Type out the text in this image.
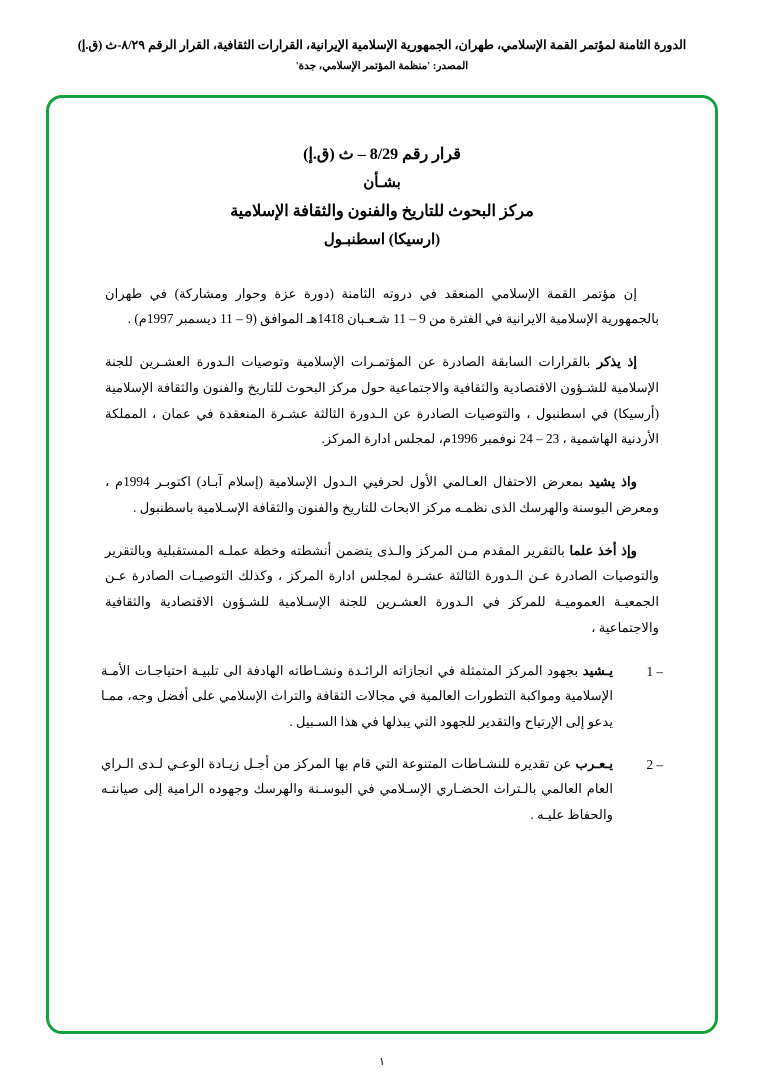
الدورة الثامنة لمؤتمر القمة الإسلامي، طهران، الجمهورية الإسلامية الإيرانية، القرارات الثقافية، القرار الرقم ٨/٢٩-ث (ق.إ)
المصدر: 'منظمة المؤتمر الإسلامي، جدة'
قرار رقم 8/29 – ث (ق.إ)
بشـأن
مركز البحوث للتاريخ والفنون والثقافة الإسلامية
(ارسيكا) اسطنبـول

إن مؤتمر القمة الإسلامي المنعقد في دروته الثامنة (دورة عزة وحوار ومشاركة) في طهران بالجمهورية الإسلامية الايرانية في الفترة من 9 – 11 شـعـبان 1418هـ الموافق (9 – 11 ديسمبر 1997م) .

إذ يذكر بالقرارات السابقة الصادرة عن المؤتمـرات الإسلامية وتوصيات الـدورة العشـرين للجنة الإسلامية للشـؤون الاقتصادية والثقافية والاجتماعية حول مركز البحوث للتاريخ والفنون والثقافة الإسلامية (أرسيكا) في اسطنبول ، والتوصيات الصادرة عن الـدورة الثالثة عشـرة المنعقدة في عمان ، المملكة الأردنية الهاشمية ، 23 – 24 نوفمبر 1996م، لمجلس ادارة المركز.

واذ يشيد بمعرض الاحتفال العـالمي الأول لحرفيي الـدول الإسلامية (إسلام آبـاد) اكتوبـر 1994م ، ومعرض البوسنة والهرسك الذى نظمـه مركز الابحاث للتاريخ والفنون والثقافة الإسـلامية باسطنبول .

وإذ أخذ علما بالتقرير المقدم مـن المركز والـذى يتضمن أنشطته وخطة عملـه المستقبلية وبالتقرير والتوصيات الصادرة عـن الـدورة الثالثة عشـرة لمجلس ادارة المركز ، وكذلك التوصيـات الصادرة عـن الجمعيـة العموميـة للمركز في الـدورة العشـرين للجنة الإسـلامية للشـؤون الاقتصادية والثقافية والاجتماعية ،

– 1
يـشيد بجهود المركز المتمثلة في انجازاته الرائـدة ونشـاطاته الهادفة الى تلبيـة احتياجـات الأمـة الإسلامية ومواكبة التطورات العالمية في مجالات الثقافة والتراث الإسلامي على أفضل وجه، ممـا يدعو إلى الإرتياح والتقدير للجهود التي يبذلها في هذا السـبيل .
– 2
يـعـرب عن تقديره للنشـاطات المتنوعة التي قام بها المركز من أجـل زيـادة الوعـي لـدى الـراي العام العالمي بالـتراث الحضـاري الإسـلامي في البوسـنة والهرسك وجهوده الرامية إلى صيانتـه والحفاظ عليـه .
١
